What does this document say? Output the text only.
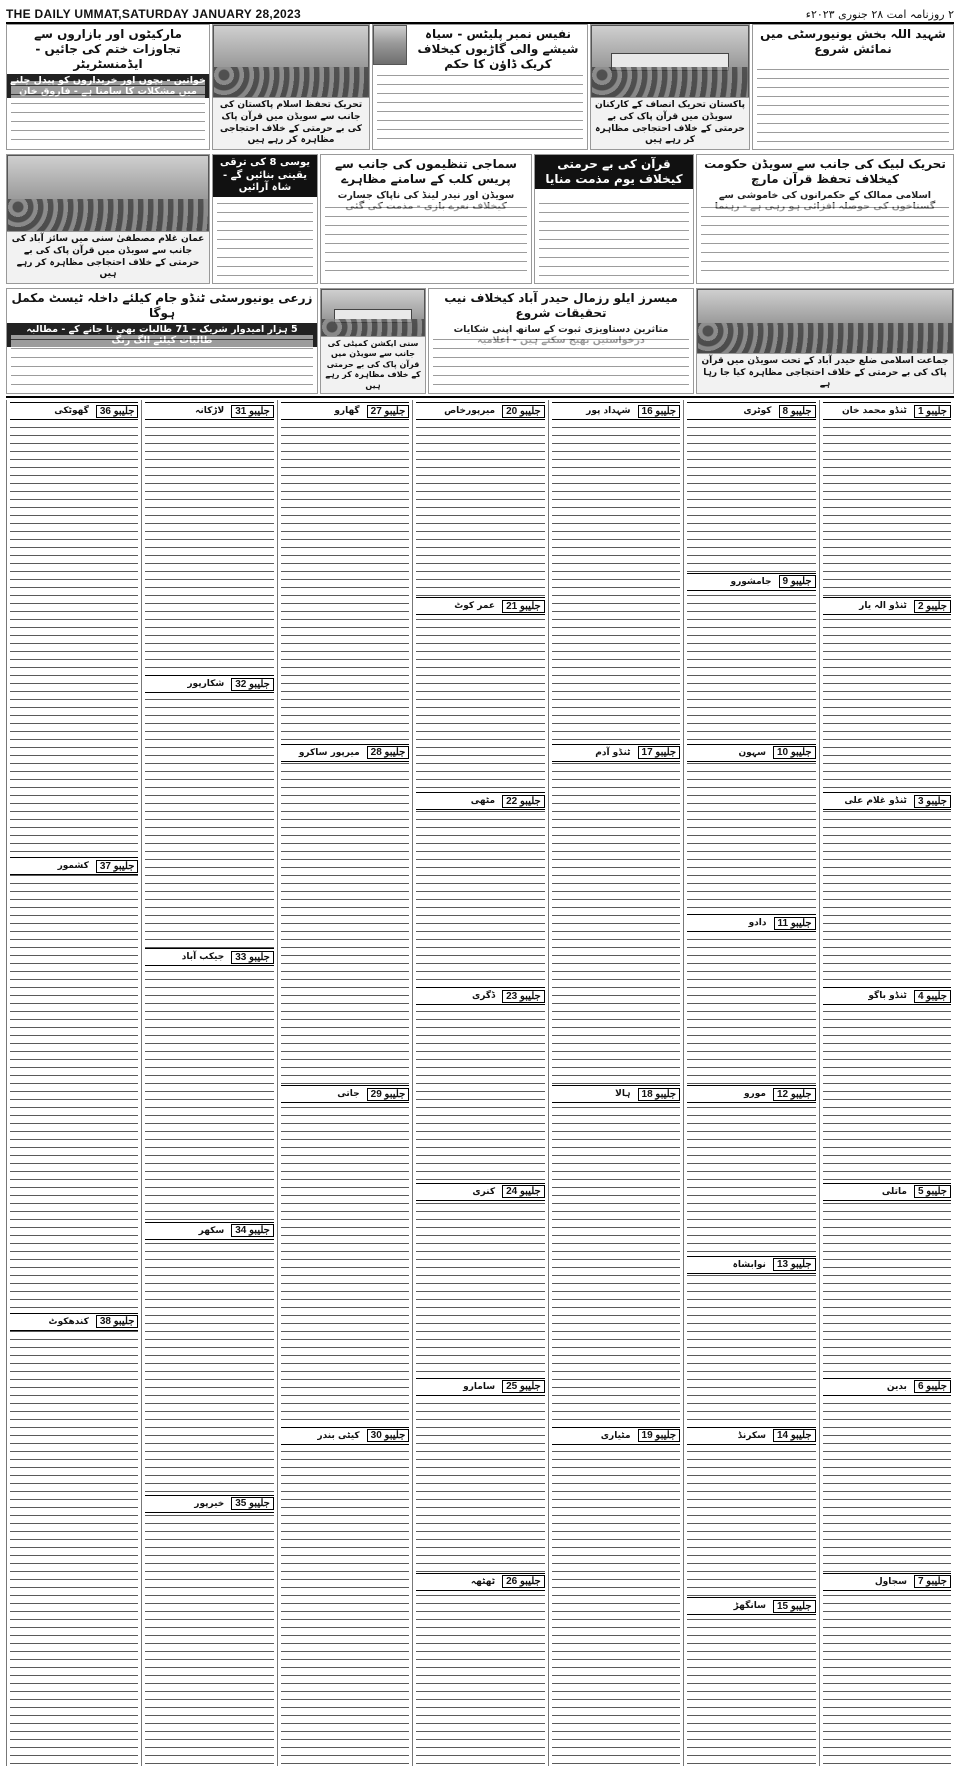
THE DAILY UMMAT,SATURDAY JANUARY 28,2023	۲ روزنامہ امت ۲۸ جنوری ۲۰۲۳ء
شہید اللہ بخش یونیورسٹی میں نمائش شروع
پاکستان تحریک انصاف کے کارکنان سویڈن میں قرآن پاک کی بے حرمتی کے خلاف احتجاجی مظاہرہ کر رہے ہیں
نفیس نمبر پلیٹس - سیاہ شیشے والی گاڑیوں کیخلاف کریک ڈاؤن کا حکم
تحریک تحفظ اسلام پاکستان کی جانب سے سویڈن میں قرآن پاک کی بے حرمتی کے خلاف احتجاجی مظاہرہ کر رہے ہیں
مارکیٹوں اور بازاروں سے تجاوزات ختم کی جائیں - ایڈمنسٹریٹر
تحریک لبیک کی جانب سے سویڈن حکومت کیخلاف تحفظ قرآن مارچ
اسلامی ممالک کے حکمرانوں کی خاموشی سے
قرآن کی بے حرمتی کیخلاف یوم مذمت منایا
سماجی تنظیموں کی جانب سے پریس کلب کے سامنے مظاہرے
سویڈن اور نیدر لینڈ کی ناپاک جسارت
یوسی 8 کی ترقی یقینی بنائیں گے - شاہ آرائیں
عمان غلام مصطفیٰ سنی میں سائز آباد کی جانب سے سویڈن میں قرآن پاک کی بے حرمتی کے خلاف احتجاجی مظاہرہ کر رہے ہیں
جماعت اسلامی ضلع حیدر آباد کے تحت سویڈن میں قرآن پاک کی بے حرمتی کے خلاف احتجاجی مظاہرہ کیا جا رہا ہے
میسرز ایلو رزمال حیدر آباد کیخلاف نیب تحقیقات شروع
متاثرین دستاویزی ثبوت کے ساتھ اپنی شکایات
سنی ایکشن کمیٹی کی جانب سے سویڈن میں قرآن پاک کی بے حرمتی کے خلاف مظاہرہ کر رہے ہیں
زرعی یونیورسٹی ٹنڈو جام کیلئے داخلہ ٹیسٹ مکمل ہوگا
5 ہزار امیدوار شریک - 71 طالبات بھی نا جانے کے - مطالبہ
جلیبو 1
ٹنڈو محمد خان
جلیبو 2
ٹنڈو الہ یار
جلیبو 3
ٹنڈو غلام علی
جلیبو 4
ٹنڈو باگو
جلیبو 5
ماتلی
جلیبو 6
بدین
جلیبو 7
سجاول
جلیبو 8
کوٹری
جلیبو 9
جامشورو
جلیبو 10
سہون
جلیبو 11
دادو
جلیبو 12
مورو
جلیبو 13
نوابشاہ
جلیبو 14
سکرنڈ
جلیبو 15
سانگھڑ
جلیبو 16
شہداد پور
جلیبو 17
ٹنڈو آدم
جلیبو 18
ہالا
جلیبو 19
مٹیاری
جلیبو 20
میرپورخاص
جلیبو 21
عمر کوٹ
جلیبو 22
مٹھی
جلیبو 23
ڈگری
جلیبو 24
کنری
جلیبو 25
سامارو
جلیبو 26
ٹھٹھہ
جلیبو 27
گھارو
جلیبو 28
میرپور ساکرو
جلیبو 29
جاتی
جلیبو 30
کیٹی بندر
جلیبو 31
لاڑکانہ
جلیبو 32
شکارپور
جلیبو 33
جیکب آباد
جلیبو 34
سکھر
جلیبو 35
خیرپور
جلیبو 36
گھوٹکی
جلیبو 37
کشمور
جلیبو 38
کندھکوٹ
